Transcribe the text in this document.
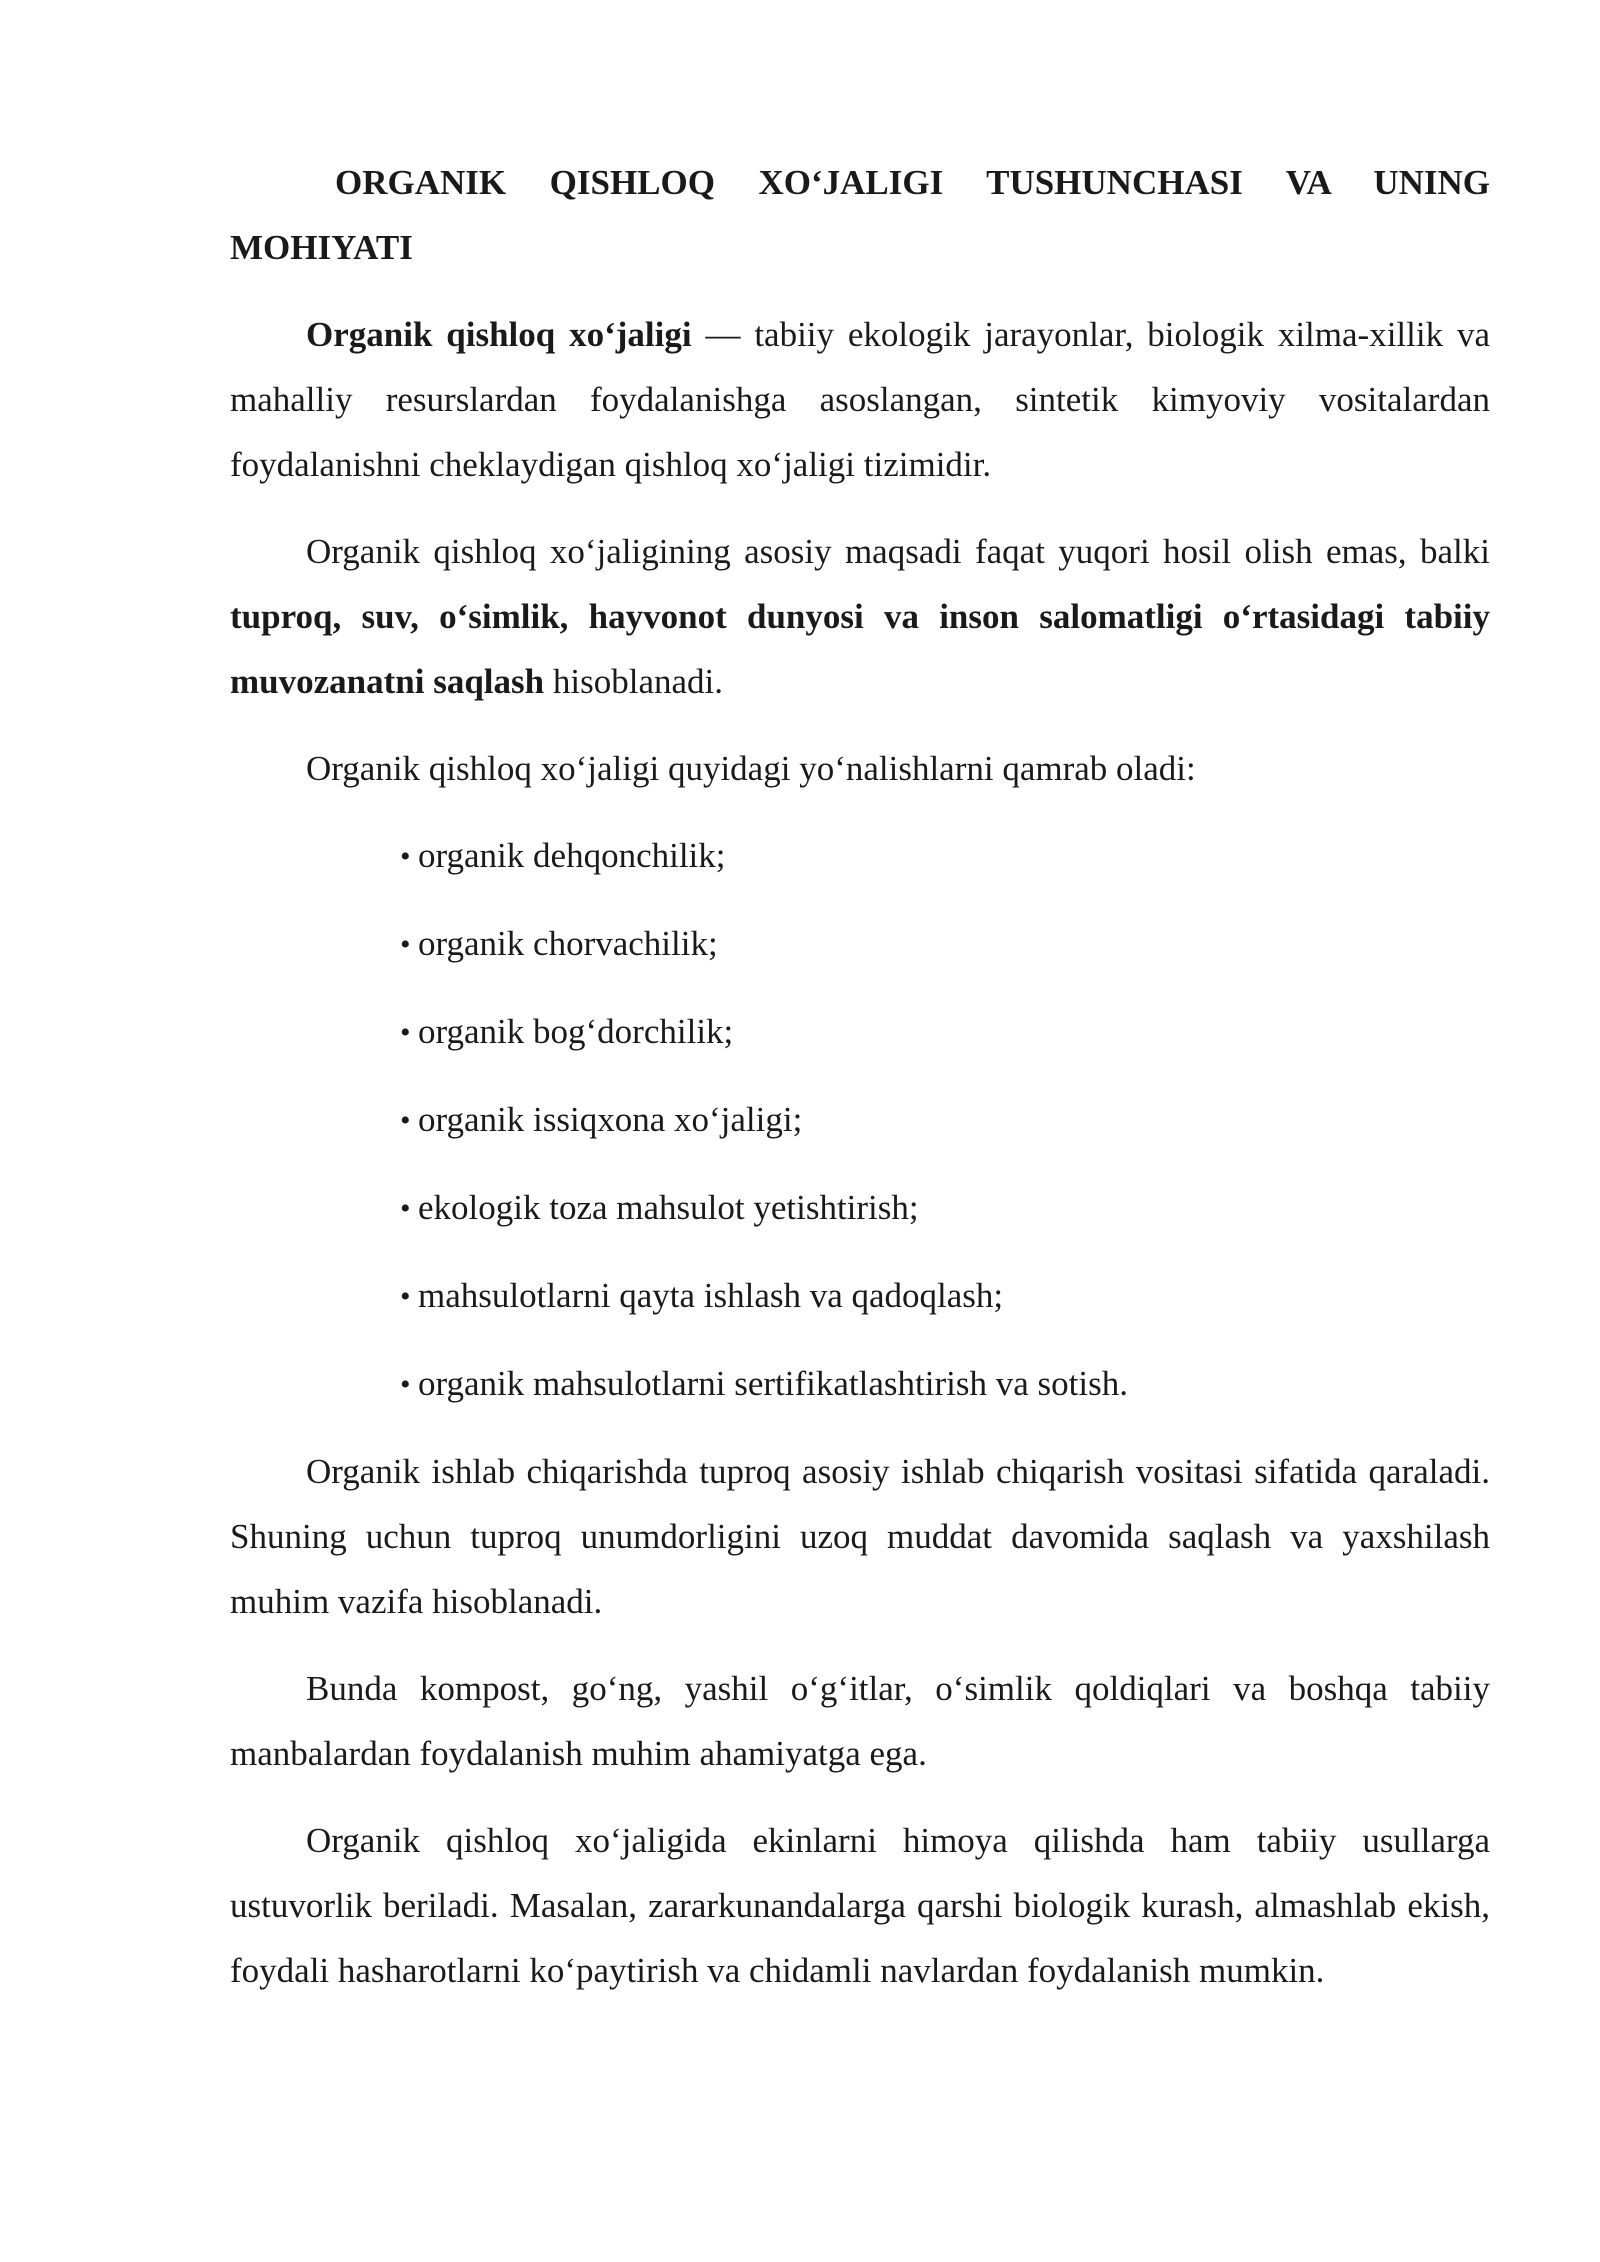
ORGANIK QISHLOQ XO‘JALIGI TUSHUNCHASI VA UNING MOHIYATI

Organik qishloq xo‘jaligi — tabiiy ekologik jarayonlar, biologik xilma-xillik va mahalliy resurslardan foydalanishga asoslangan, sintetik kimyoviy vositalardan foydalanishni cheklaydigan qishloq xo‘jaligi tizimidir.

Organik qishloq xo‘jaligining asosiy maqsadi faqat yuqori hosil olish emas, balki tuproq, suv, o‘simlik, hayvonot dunyosi va inson salomatligi o‘rtasidagi tabiiy muvozanatni saqlash hisoblanadi.

Organik qishloq xo‘jaligi quyidagi yo‘nalishlarni qamrab oladi:

• organik dehqonchilik;
• organik chorvachilik;
• organik bog‘dorchilik;
• organik issiqxona xo‘jaligi;
• ekologik toza mahsulot yetishtirish;
• mahsulotlarni qayta ishlash va qadoqlash;
• organik mahsulotlarni sertifikatlashtirish va sotish.

Organik ishlab chiqarishda tuproq asosiy ishlab chiqarish vositasi sifatida qaraladi. Shuning uchun tuproq unumdorligini uzoq muddat davomida saqlash va yaxshilash muhim vazifa hisoblanadi.

Bunda kompost, go‘ng, yashil o‘g‘itlar, o‘simlik qoldiqlari va boshqa tabiiy manbalardan foydalanish muhim ahamiyatga ega.

Organik qishloq xo‘jaligida ekinlarni himoya qilishda ham tabiiy usullarga ustuvorlik beriladi. Masalan, zararkunandalarga qarshi biologik kurash, almashlab ekish, foydali hasharotlarni ko‘paytirish va chidamli navlardan foydalanish mumkin.
